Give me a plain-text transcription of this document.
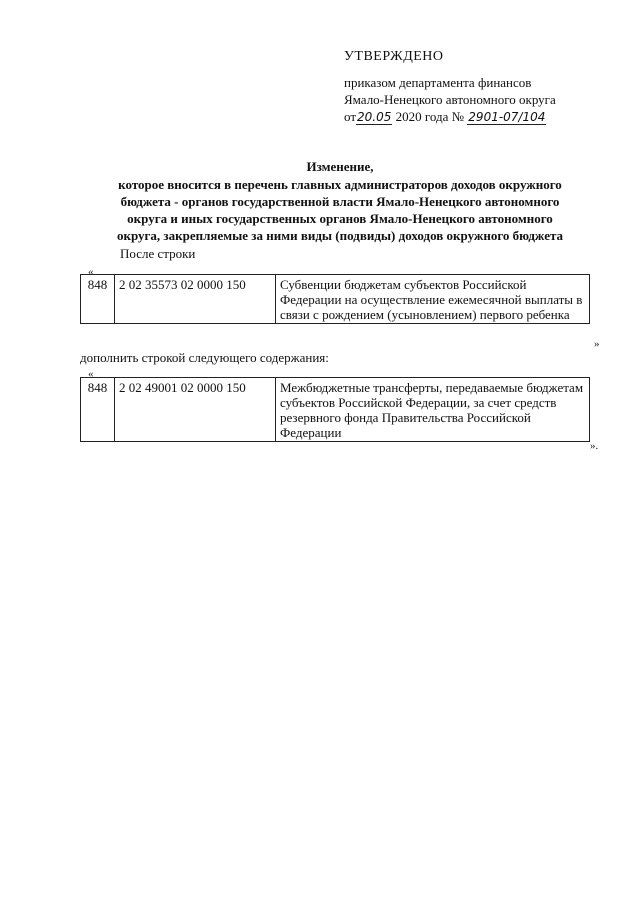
УТВЕРЖДЕНО
приказом департамента финансов
Ямало-Ненецкого автономного округа
от20.05 2020 года № 2901-07/104
Изменение,
которое вносится в перечень главных администраторов доходов окружного
бюджета - органов государственной власти Ямало-Ненецкого автономного
округа и иных государственных органов Ямало-Ненецкого автономного
округа, закрепляемые за ними виды (подвиды) доходов окружного бюджета
После строки
«
848	2 02 35573 02 0000 150	Субвенции бюджетам субъектов Российской Федерации на осуществление ежемесячной выплаты в связи с рождением (усыновлением) первого ребенка
»
дополнить строкой следующего содержания:
«
848	2 02 49001 02 0000 150	Межбюджетные трансферты, передаваемые бюджетам субъектов Российской Федерации, за счет средств резервного фонда Правительства Российской Федерации
».
